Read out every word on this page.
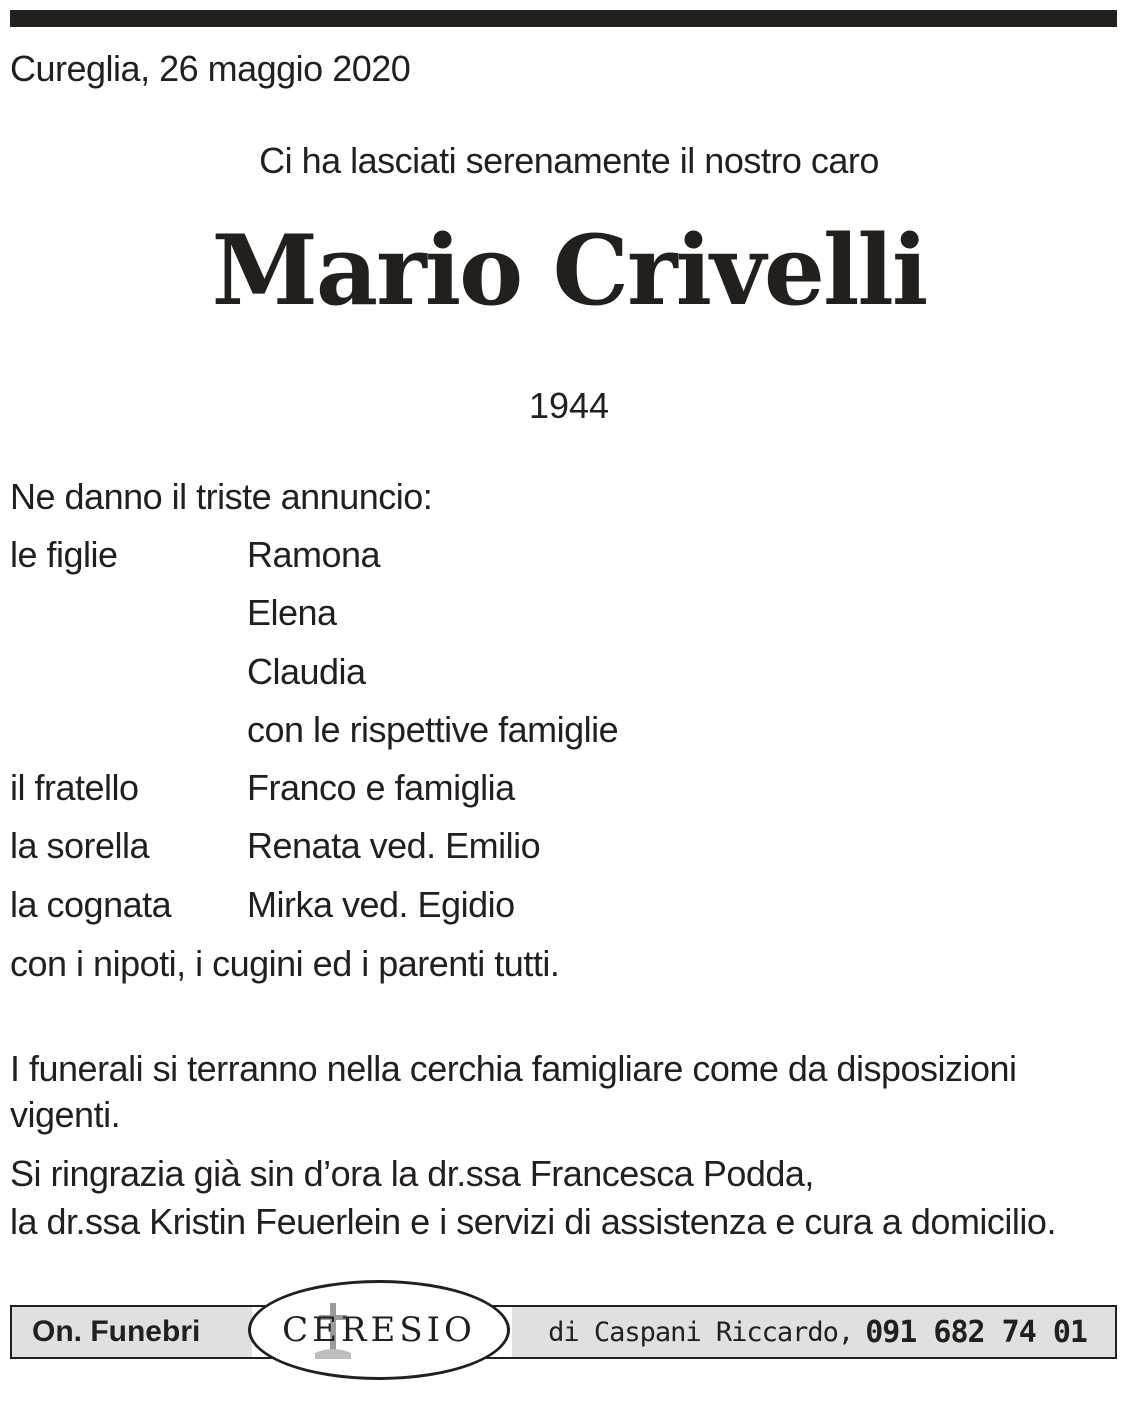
Cureglia, 26 maggio 2020
Ci ha lasciati serenamente il nostro caro
Mario Crivelli
1944
Ne danno il triste annuncio:
le figlie	Ramona
Elena
Claudia
con le rispettive famiglie
il fratello	Franco e famiglia
la sorella	Renata ved. Emilio
la cognata Mirka ved. Egidio
con i nipoti, i cugini ed i parenti tutti.
I funerali si terranno nella cerchia famigliare come da disposizioni vigenti.
Si ringrazia già sin d’ora la dr.ssa Francesca Podda,
la dr.ssa Kristin Feuerlein e i servizi di assistenza e cura a domicilio.
On. Funebri	di Caspani Riccardo, 091 682 74 01
CERESIO
